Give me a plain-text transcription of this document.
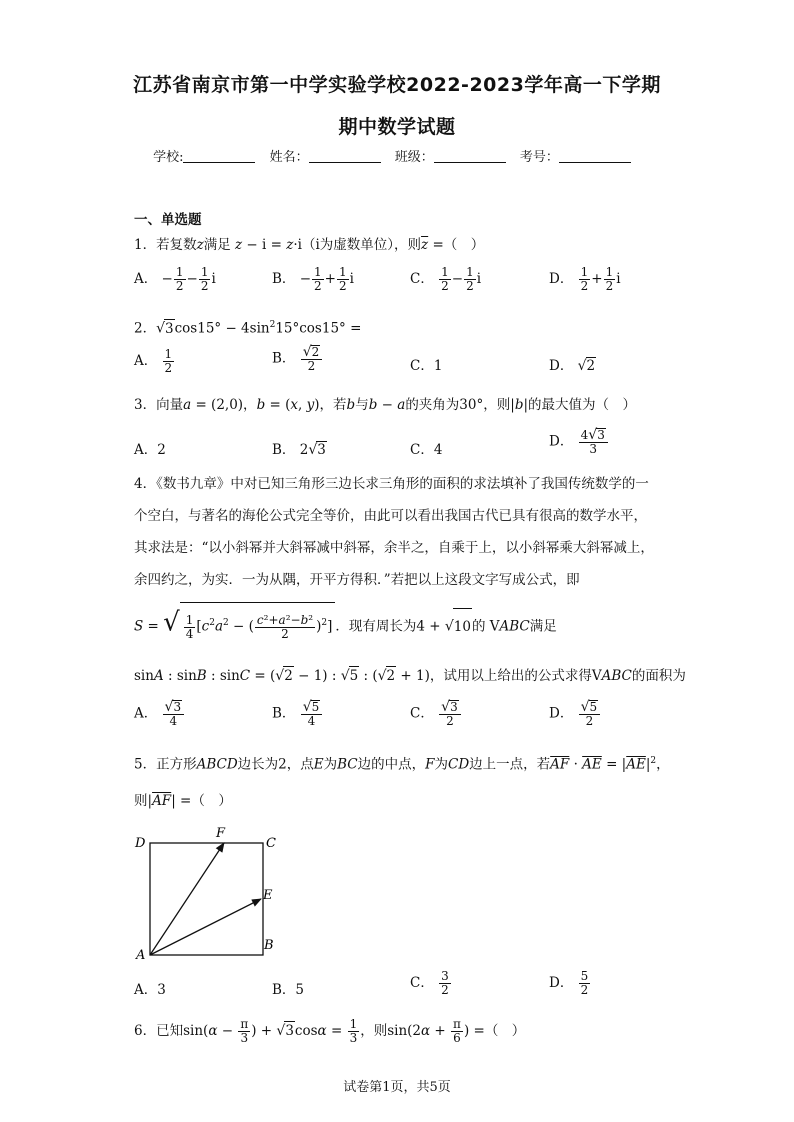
江苏省南京市第一中学实验学校2022-2023学年高一下学期
期中数学试题
学校:	姓名：	班级：	考号：
一、单选题
1．若复数z满足 z − i = z·i（i为虚数单位），则$\overline{z}$ =（　）
A． − $\frac{1}{2} - \frac{1}{2}$ i	B． − $\frac{1}{2} + \frac{1}{2}$ i	C． $\frac{1}{2} - \frac{1}{2}$ i	D． $\frac{1}{2} + \frac{1}{2}$ i
2．$√3\cos 15^\circ - 4\sin^215^\circ\cos 15^\circ$ =
A． $\frac{1}{2}$	B． $\frac{√2}{2}$	C．1	D． √2
3．向量a = (2,0)，b = (x, y)，若b与b − a的夹角为30°，则|b|的最大值为（　）
A．2	B． 2√3	C．4
D． $\frac{4√3}{3}$
4．《数书九章》中对已知三角形三边长求三角形的面积的求法填补了我国传统数学的一
个空白，与著名的海伦公式完全等价，由此可以看出我国古代已具有很高的数学水平，
其求法是：“以小斜幂并大斜幂减中斜幂，余半之，自乘于上，以小斜幂乘大斜幂减上，
余四约之，为实．一为从隅，开平方得积．”若把以上这段文字写成公式，即
S = √ $\frac{1}{4} [c^2a^2$ − ( $\frac{\text{c²+a²−b²}}{2} )^2$] ．现有周长为4 + √10的 VABC满足
sinA : sinB : sinC = (√2 − 1) : √5 : (√2 + 1)，试用以上给出的公式求得VABC的面积为
A． $\frac{√3}{4}$	B． $\frac{√5}{4}$	C． $\frac{√3}{2}$	D． $\frac{√5}{2}$
5．正方形ABCD边长为2，点E为BC边的中点，F为CD边上一点，若$\overline{AF} \cdot \overline{AE} = |\overline{AE}|^2$，
则$|\overline{AF}|$ =（　）
D	C
F
E
B
A
A．3	B．5	C． $\frac{3}{2}$	D． $\frac{5}{2}$
6．已知$\sin(\alpha - \frac{\pi}{3}$ ) + $√3\cos\alpha = \frac{1}{3}$ ，则$\sin(2\alpha + \frac{\pi}{6}$ ) =（　）
试卷第1页，共5页
